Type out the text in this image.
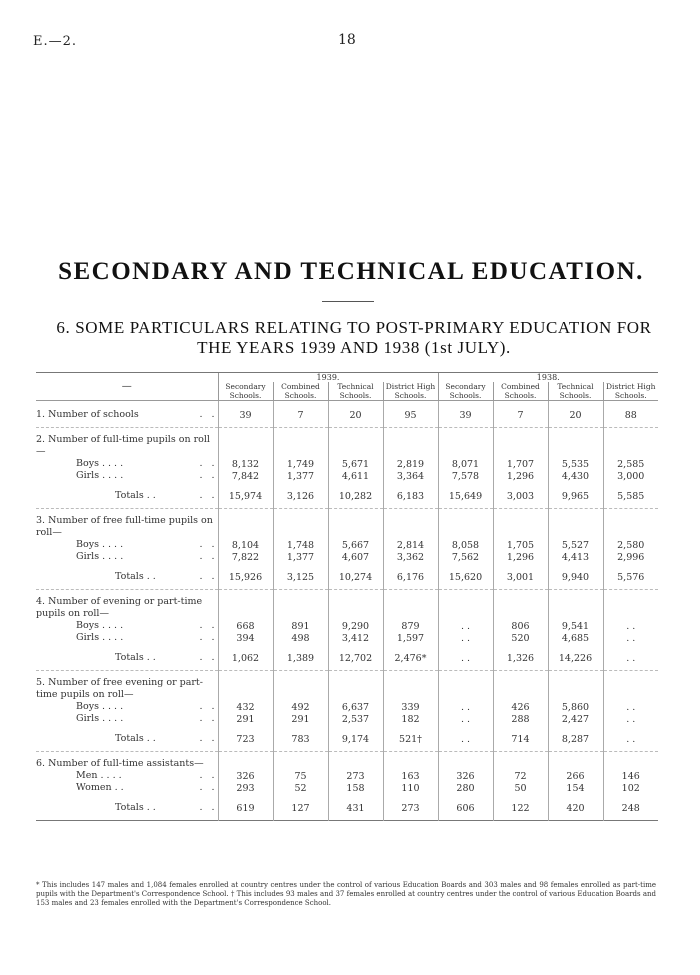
E.—2.	18
SECONDARY AND TECHNICAL EDUCATION.
6. SOME PARTICULARS RELATING TO POST-PRIMARY EDUCATION FOR
THE YEARS 1939 AND 1938 (1st JULY).

—	1939.				1938.			
	Secondary Schools.	Combined Schools.	Technical Schools.	District High Schools.	Secondary Schools.	Combined Schools.	Technical Schools.	District High Schools.

1. Number of schools . .	39	7	20	95	39	7	20	88

2. Number of full-time pupils on roll—								
Boys . . . . . .	8,132	1,749	5,671	2,819	8,071	1,707	5,535	2,585
Girls . . . . . .	7,842	1,377	4,611	3,364	7,578	1,296	4,430	3,000

Totals . . . .	15,974	3,126	10,282	6,183	15,649	3,003	9,965	5,585

3. Number of free full-time pupils on roll—								
Boys . . . . . .	8,104	1,748	5,667	2,814	8,058	1,705	5,527	2,580
Girls . . . . . .	7,822	1,377	4,607	3,362	7,562	1,296	4,413	2,996

Totals . . . .	15,926	3,125	10,274	6,176	15,620	3,001	9,940	5,576

4. Number of evening or part-time pupils on roll—								
Boys . . . . . .	668	891	9,290	879	. .	806	9,541	. .
Girls . . . . . .	394	498	3,412	1,597	. .	520	4,685	. .

Totals . . . .	1,062	1,389	12,702	2,476*	. .	1,326	14,226	. .

5. Number of free evening or part-time pupils on roll—								
Boys . . . . . .	432	492	6,637	339	. .	426	5,860	. .
Girls . . . . . .	291	291	2,537	182	. .	288	2,427	. .

Totals . . . .	723	783	9,174	521†	. .	714	8,287	. .

6. Number of full-time assistants—								
Men . . . . . .	326	75	273	163	326	72	266	146
Women . . . .	293	52	158	110	280	50	154	102

Totals . . . .	619	127	431	273	606	122	420	248

* This includes 147 males and 1,084 females enrolled at country centres under the control of various Education Boards and 303 males and 98 females enrolled as part-time pupils with the Department's Correspondence School. † This includes 93 males and 37 females enrolled at country centres under the control of various Education Boards and 153 males and 23 females enrolled with the Department's Correspondence School.
